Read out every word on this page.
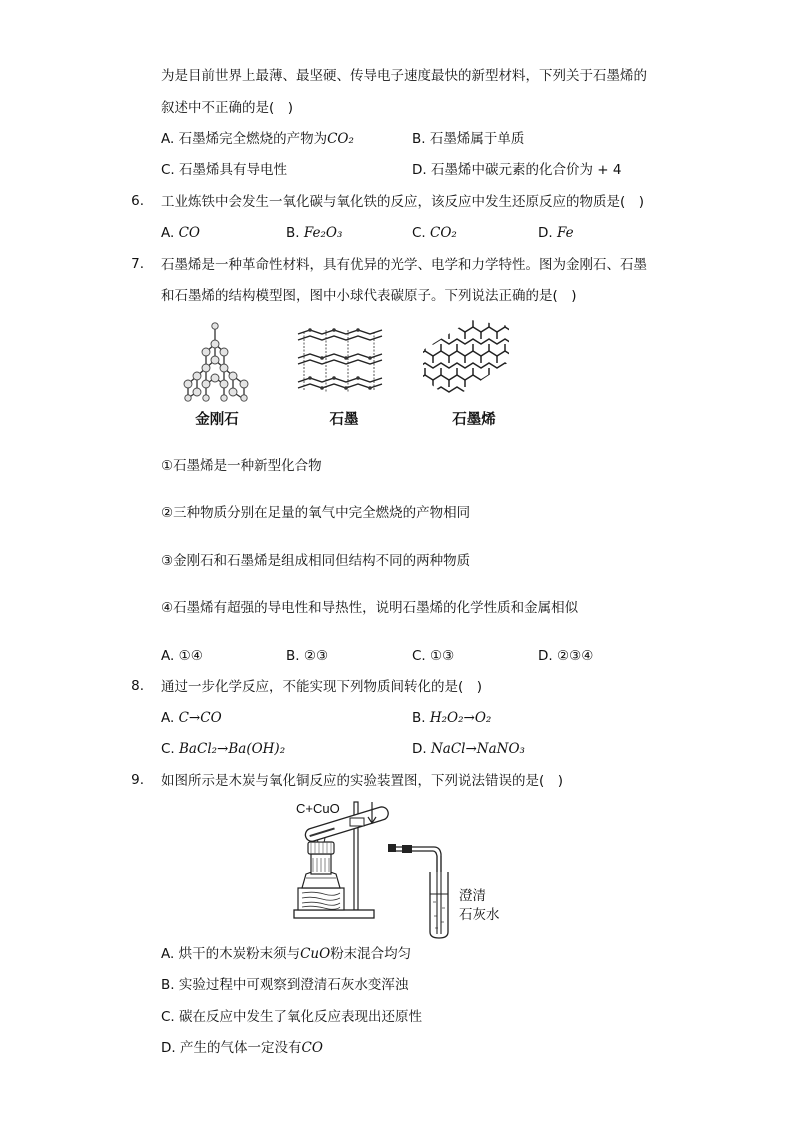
为是目前世界上最薄、最坚硬、传导电子速度最快的新型材料，下列关于石墨烯的
叙述中不正确的是(　)
A. 石墨烯完全燃烧的产物为CO₂	B. 石墨烯属于单质
C. 石墨烯具有导电性	D. 石墨烯中碳元素的化合价为 + 4
6. 工业炼铁中会发生一氧化碳与氧化铁的反应，该反应中发生还原反应的物质是(　)
A. CO	B. Fe₂O₃	C. CO₂	D. Fe
7. 石墨烯是一种革命性材料，具有优异的光学、电学和力学特性。图为金刚石、石墨
和石墨烯的结构模型图，图中小球代表碳原子。下列说法正确的是(　)
金刚石	石墨	石墨烯
①石墨烯是一种新型化合物
②三种物质分别在足量的氧气中完全燃烧的产物相同
③金刚石和石墨烯是组成相同但结构不同的两种物质
④石墨烯有超强的导电性和导热性，说明石墨烯的化学性质和金属相似
A. ①④	B. ②③	C. ①③	D. ②③④
8. 通过一步化学反应，不能实现下列物质间转化的是(　)
A. C→CO	B. H₂O₂→O₂
C. BaCl₂→Ba(OH)₂	D. NaCl→NaNO₃
9. 如图所示是木炭与氧化铜反应的实验装置图，下列说法错误的是(　)
C+CuO
澄清
石灰水
A. 烘干的木炭粉末须与CuO粉末混合均匀
B. 实验过程中可观察到澄清石灰水变浑浊
C. 碳在反应中发生了氧化反应表现出还原性
D. 产生的气体一定没有CO
